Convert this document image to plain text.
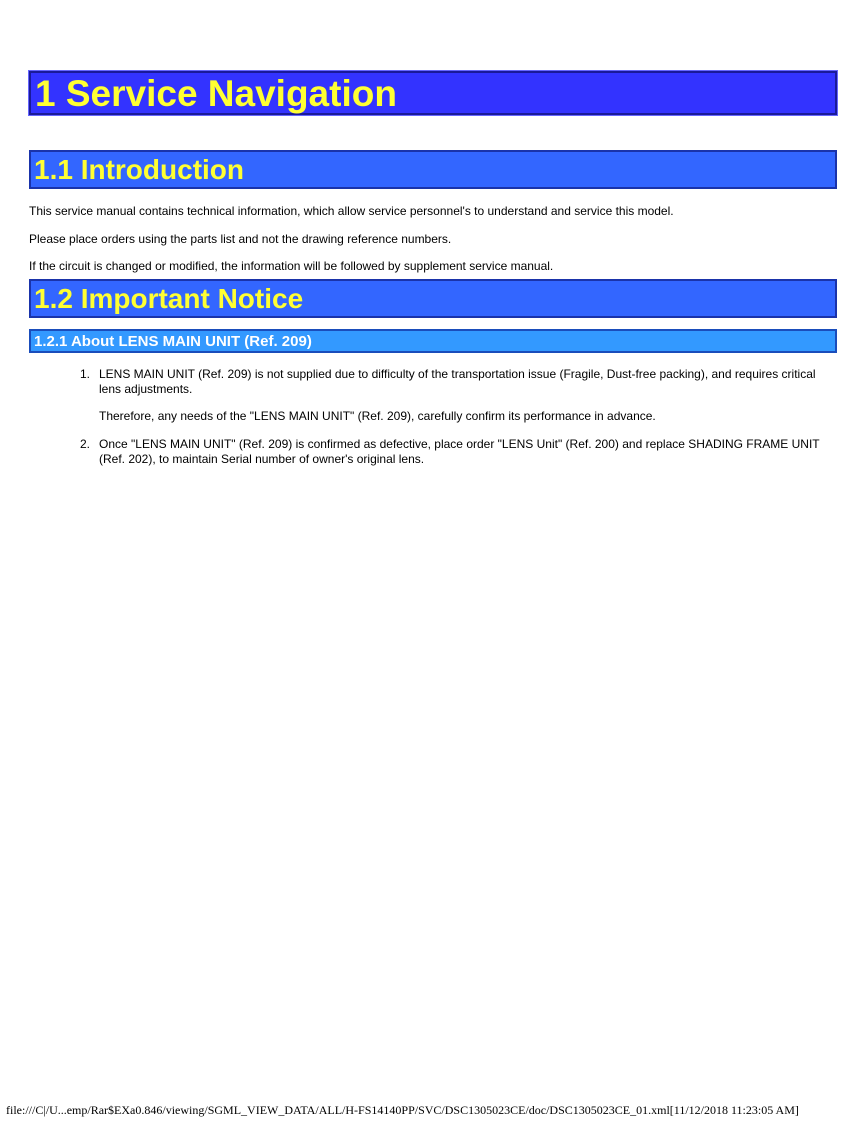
1 Service Navigation
1.1 Introduction

This service manual contains technical information, which allow service personnel's to understand and service this model.

Please place orders using the parts list and not the drawing reference numbers.

If the circuit is changed or modified, the information will be followed by supplement service manual.

1.2 Important Notice
1.2.1 About LENS MAIN UNIT (Ref. 209)
1. LENS MAIN UNIT (Ref. 209) is not supplied due to difficulty of the transportation issue (Fragile, Dust-free packing), and requires critical lens adjustments.

Therefore, any needs of the "LENS MAIN UNIT" (Ref. 209), carefully confirm its performance in advance.

2. Once "LENS MAIN UNIT" (Ref. 209) is confirmed as defective, place order "LENS Unit" (Ref. 200) and replace SHADING FRAME UNIT (Ref. 202), to maintain Serial number of owner's original lens.

file:///C|/U...emp/Rar$EXa0.846/viewing/SGML_VIEW_DATA/ALL/H-FS14140PP/SVC/DSC1305023CE/doc/DSC1305023CE_01.xml[11/12/2018 11:23:05 AM]
